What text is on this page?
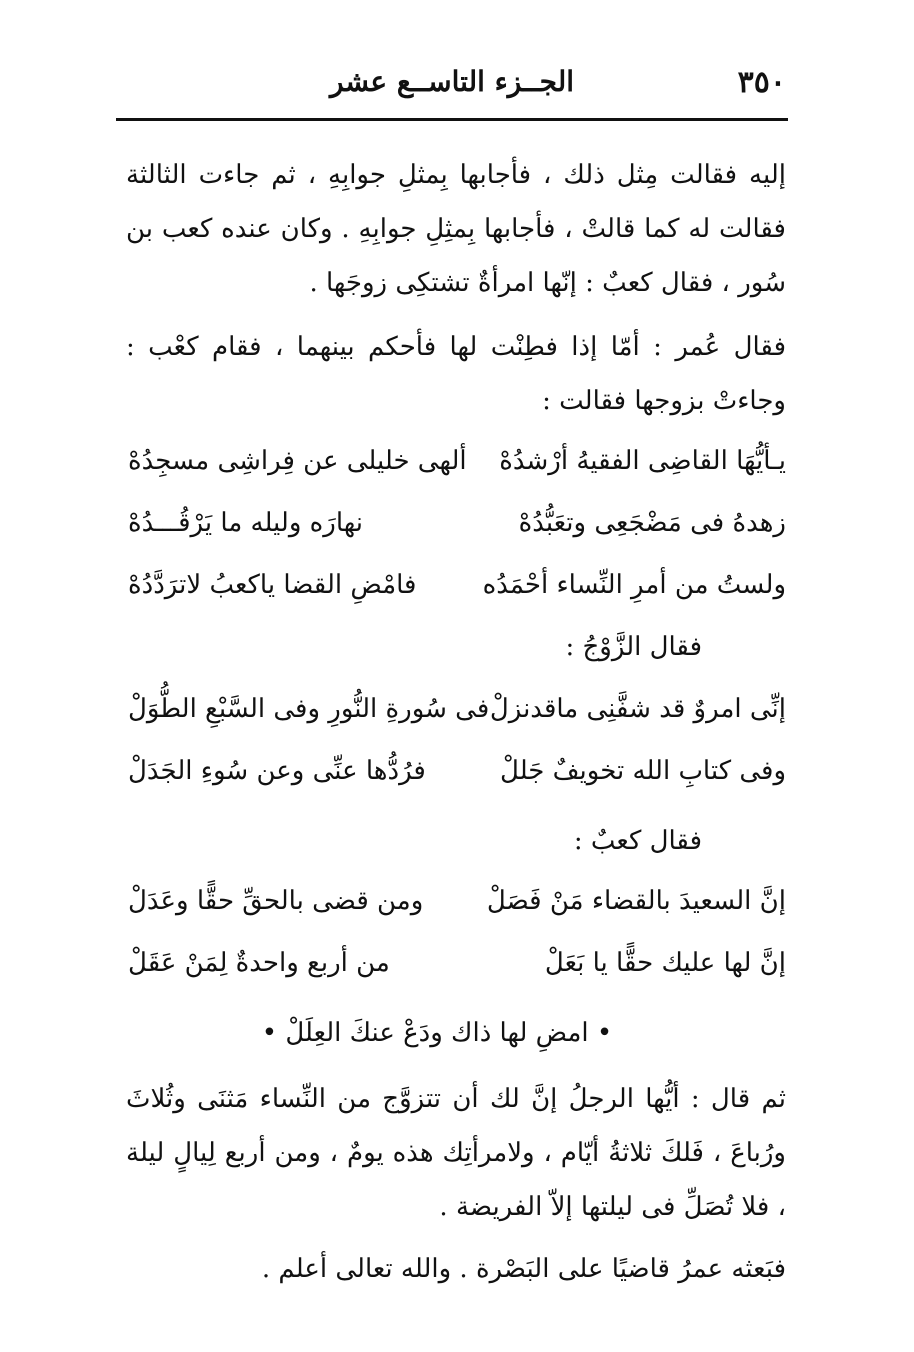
٣٥٠
الجــزء التاســع عشر

إليه فقالت مِثل ذلك ، فأجابها بِمثلِ جوابِهِ ، ثم جاءت الثالثة فقالت له كما قالتْ ، فأجابها بِمثِلِ جوابِهِ . وكان عنده كعب بن سُور ، فقال كعبٌ : إنّها امرأةٌ تشتكِى زوجَها .

فقال عُمر : أمّا إذا فطِنْت لها فأحكم بينهما ، فقام كعْب : وجاءتْ بزوجها فقالت :

يـأيُّهَا القاضِى الفقيهُ أرْشدُهْ
ألهى خليلى عن فِراشِى مسجِدُهْ
زهدهُ فى مَضْجَعِى وتعَبُّدُهْ
نهارَه وليله ما يَرْقُـــدُهْ
ولستُ من أمرِ النِّساء أحْمَدُه
فامْضِ القضا ياكعبُ لاترَدَّدُهْ
فقال الزَّوْجُ :
إنِّى امروٌ قد شفَّنِى ماقدنزلْ
فى سُورةِ النُّورِ وفى السَّبْعِ الطُّوَلْ
وفى كتابِ الله تخويفٌ جَللْ
فرُدُّها عنِّى وعن سُوءِ الجَدَلْ
فقال كعبٌ :
إنَّ السعيدَ بالقضاء مَنْ فَصَلْ
ومن قضى بالحقِّ حقًّا وعَدَلْ
إنَّ لها عليك حقًّا يا بَعَلْ
من أربع واحدةٌ لِمَنْ عَقَلْ
• امضِ لها ذاك ودَعْ عنكَ العِلَلْ •

ثم قال : أيُّها الرجلُ إنَّ لك أن تتزوَّج من النِّساء مَثنَى وثُلاثَ ورُباعَ ، فَلكَ ثلاثةُ أيّام ، ولامرأتِك هذه يومٌ ، ومن أربع لِيالٍ ليلة ، فلا تُصَلِّ فى ليلتها إلاّ الفريضة .

فبَعثه عمرُ قاضيًا على البَصْرة . والله تعالى أعلم .
